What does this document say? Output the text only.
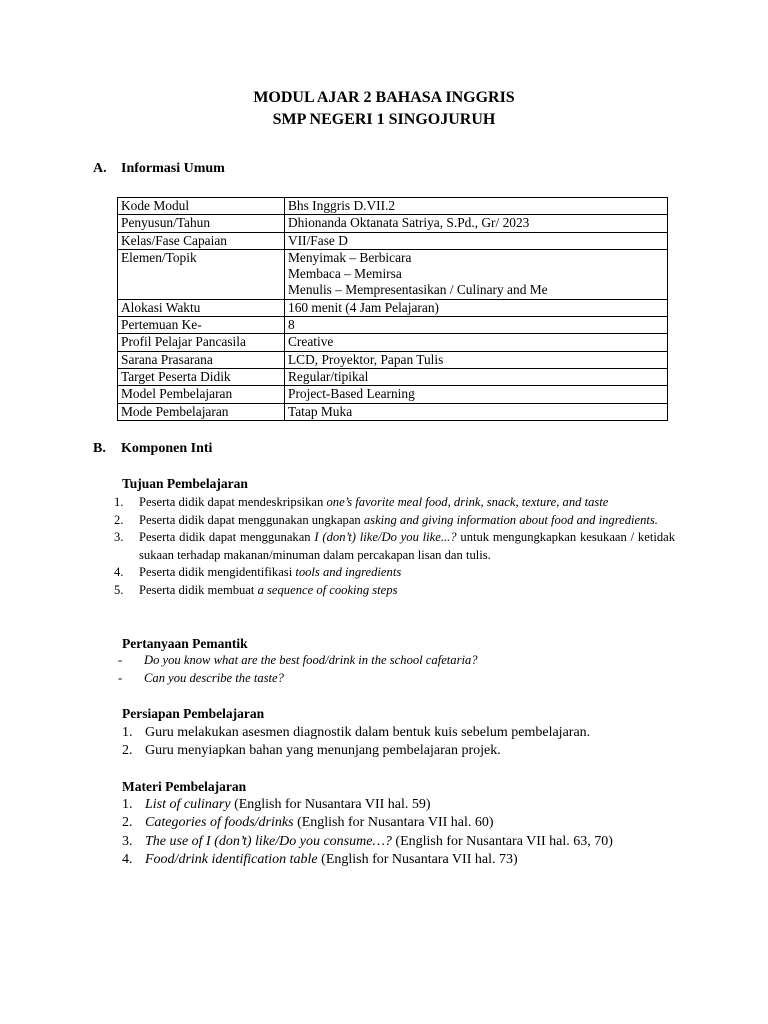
MODUL AJAR 2 BAHASA INGGRIS
SMP NEGERI 1 SINGOJURUH
A. Informasi Umum
Kode Modul	Bhs Inggris D.VII.2
Penyusun/Tahun	Dhionanda Oktanata Satriya, S.Pd., Gr/ 2023
Kelas/Fase Capaian	VII/Fase D
Elemen/Topik	Menyimak – Berbicara
Membaca – Memirsa
Menulis – Mempresentasikan / Culinary and Me

Alokasi Waktu	160 menit (4 Jam Pelajaran)
Pertemuan Ke-	8
Profil Pelajar Pancasila	Creative
Sarana Prasarana	LCD, Proyektor, Papan Tulis
Target Peserta Didik	Regular/tipikal
Model Pembelajaran	Project-Based Learning
Mode Pembelajaran	Tatap Muka
B. Komponen Inti
Tujuan Pembelajaran
1. Peserta didik dapat mendeskripsikan one’s favorite meal food, drink, snack, texture, and taste
2. Peserta didik dapat menggunakan ungkapan asking and giving information about food and ingredients.
3. Peserta didik dapat menggunakan I (don’t) like/Do you like...? untuk mengungkapkan kesukaan / ketidak sukaan terhadap makanan/minuman dalam percakapan lisan dan tulis.
4. Peserta didik mengidentifikasi tools and ingredients
5. Peserta didik membuat a sequence of cooking steps
Pertanyaan Pemantik
- Do you know what are the best food/drink in the school cafetaria?
- Can you describe the taste?
Persiapan Pembelajaran
1. Guru melakukan asesmen diagnostik dalam bentuk kuis sebelum pembelajaran.
2. Guru menyiapkan bahan yang menunjang pembelajaran projek.
Materi Pembelajaran
1. List of culinary (English for Nusantara VII hal. 59)
2. Categories of foods/drinks (English for Nusantara VII hal. 60)
3. The use of I (don’t) like/Do you consume…? (English for Nusantara VII hal. 63, 70)
4. Food/drink identification table (English for Nusantara VII hal. 73)
